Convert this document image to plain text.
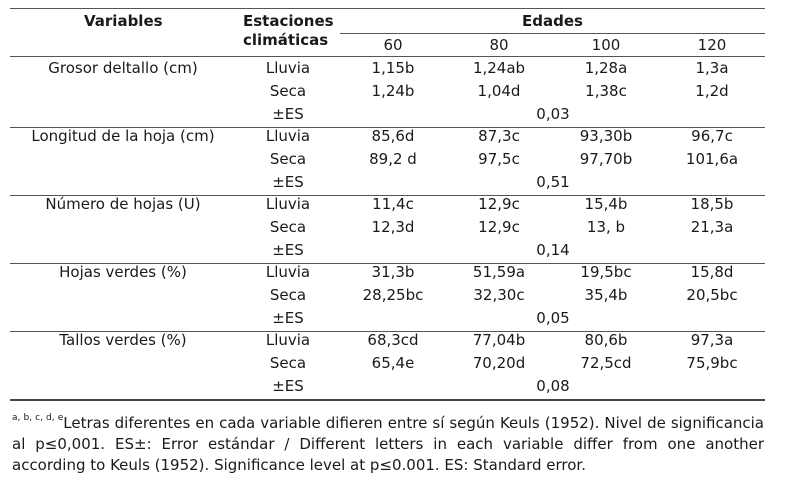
Variables	Estaciones climáticas
Edades
60	80	100	120
Grosor deltallo (cm)	Lluvia	1,15b	1,24ab	1,28a	1,3a
Seca	1,24b	1,04d	1,38c	1,2d
±ES	0,03
Longitud de la hoja (cm)	Lluvia	85,6d	87,3c	93,30b	96,7c
Seca	89,2 d	97,5c	97,70b	101,6a
±ES	0,51
Número de hojas (U)	Lluvia	11,4c	12,9c	15,4b	18,5b
Seca	12,3d	12,9c	13, b	21,3a
±ES	0,14
Hojas verdes (%)	Lluvia	31,3b	51,59a	19,5bc	15,8d
Seca	28,25bc	32,30c	35,4b	20,5bc
±ES	0,05
Tallos verdes (%)	Lluvia	68,3cd	77,04b	80,6b	97,3a
Seca	65,4e	70,20d	72,5cd	75,9bc
±ES	0,08
$^{a, b, c, d, e}$Letras diferentes en cada variable difieren entre sí según Keuls (1952). Nivel de significancia al p≤0,001. ES±: Error estándar / Different letters in each variable differ from one another according to Keuls (1952). Significance level at p≤0.001. ES: Standard error.
